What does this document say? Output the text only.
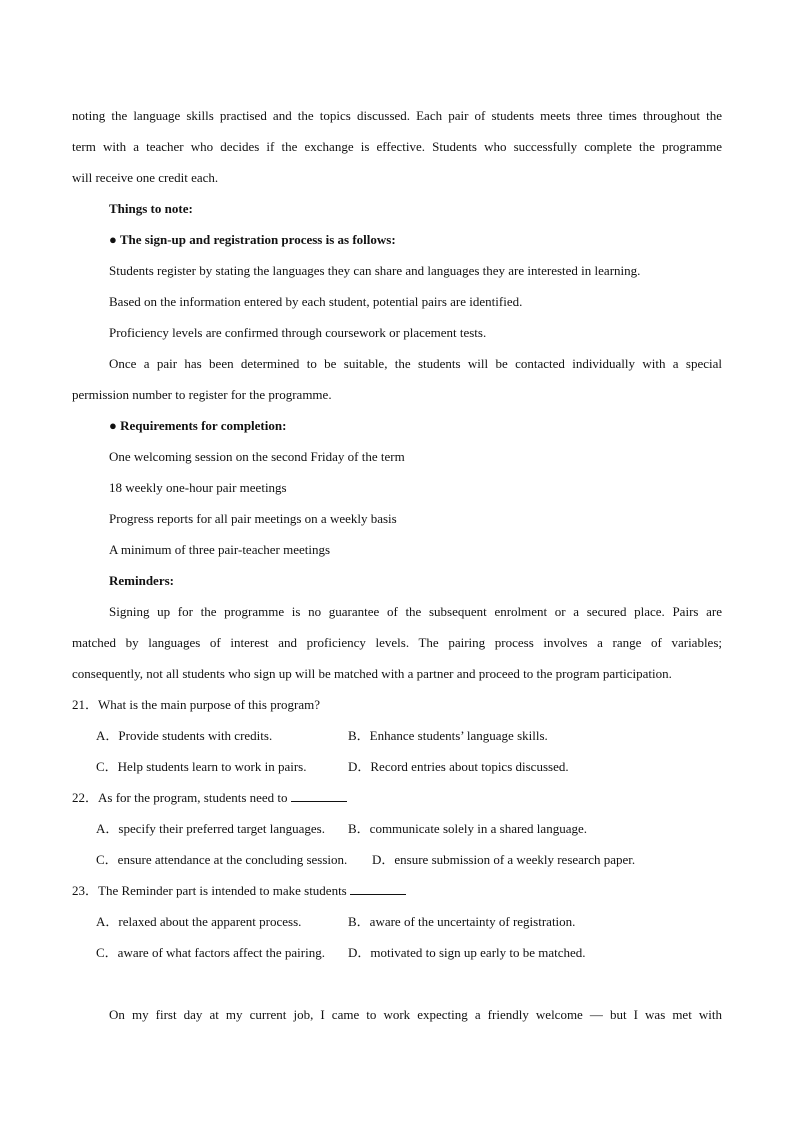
noting the language skills practised and the topics discussed. Each pair of students meets three times throughout the
term with a teacher who decides if the exchange is effective. Students who successfully complete the programme
will receive one credit each.
Things to note:
● The sign-up and registration process is as follows:
Students register by stating the languages they can share and languages they are interested in learning.
Based on the information entered by each student, potential pairs are identified.
Proficiency levels are confirmed through coursework or placement tests.
Once a pair has been determined to be suitable, the students will be contacted individually with a special
permission number to register for the programme.
● Requirements for completion:
One welcoming session on the second Friday of the term
18 weekly one-hour pair meetings
Progress reports for all pair meetings on a weekly basis
A minimum of three pair-teacher meetings
Reminders:
Signing up for the programme is no guarantee of the subsequent enrolment or a secured place. Pairs are
matched by languages of interest and proficiency levels. The pairing process involves a range of variables;
consequently, not all students who sign up will be matched with a partner and proceed to the program participation.
21．What is the main purpose of this program?
A．Provide students with credits.	B．Enhance students’ language skills.
C．Help students learn to work in pairs.	D．Record entries about topics discussed.
22．As for the program, students need to
A．specify their preferred target languages.	B．communicate solely in a shared language.
C．ensure attendance at the concluding session.	D．ensure submission of a weekly research paper.
23．The Reminder part is intended to make students
A．relaxed about the apparent process.	B．aware of the uncertainty of registration.
C．aware of what factors affect the pairing.	D．motivated to sign up early to be matched.
On my first day at my current job, I came to work expecting a friendly welcome — but I was met with
